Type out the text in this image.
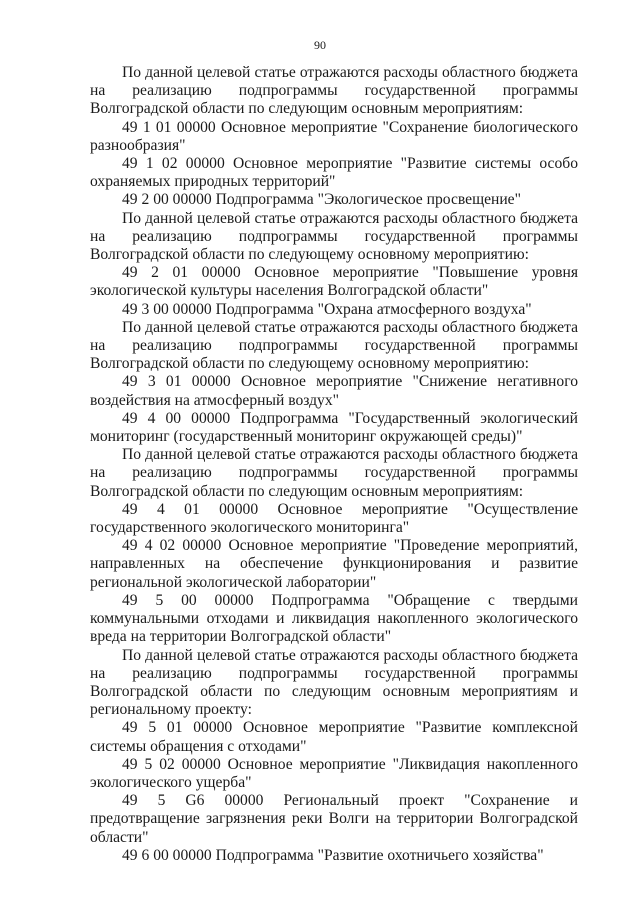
90

По данной целевой статье отражаются расходы областного бюджета на реализацию подпрограммы государственной программы Волгоградской области по следующим основным мероприятиям:

49 1 01 00000 Основное мероприятие "Сохранение биологического разнообразия"

49 1 02 00000 Основное мероприятие "Развитие системы особо охраняемых природных территорий"

49 2 00 00000 Подпрограмма "Экологическое просвещение"

По данной целевой статье отражаются расходы областного бюджета на реализацию подпрограммы государственной программы Волгоградской области по следующему основному мероприятию:

49 2 01 00000 Основное мероприятие "Повышение уровня экологической культуры населения Волгоградской области"

49 3 00 00000 Подпрограмма "Охрана атмосферного воздуха"

По данной целевой статье отражаются расходы областного бюджета на реализацию подпрограммы государственной программы Волгоградской области по следующему основному мероприятию:

49 3 01 00000 Основное мероприятие "Снижение негативного воздействия на атмосферный воздух"

49 4 00 00000 Подпрограмма "Государственный экологический мониторинг (государственный мониторинг окружающей среды)"

По данной целевой статье отражаются расходы областного бюджета на реализацию подпрограммы государственной программы Волгоградской области по следующим основным мероприятиям:

49 4 01 00000 Основное мероприятие "Осуществление государственного экологического мониторинга"

49 4 02 00000 Основное мероприятие "Проведение мероприятий, направленных на обеспечение функционирования и развитие региональной экологической лаборатории"

49 5 00 00000 Подпрограмма "Обращение с твердыми коммунальными отходами и ликвидация накопленного экологического вреда на территории Волгоградской области"

По данной целевой статье отражаются расходы областного бюджета на реализацию подпрограммы государственной программы Волгоградской области по следующим основным мероприятиям и региональному проекту:

49 5 01 00000 Основное мероприятие "Развитие комплексной системы обращения с отходами"

49 5 02 00000 Основное мероприятие "Ликвидация накопленного экологического ущерба"

49 5 G6 00000 Региональный проект "Сохранение и предотвращение загрязнения реки Волги на территории Волгоградской области"

49 6 00 00000 Подпрограмма "Развитие охотничьего хозяйства"
